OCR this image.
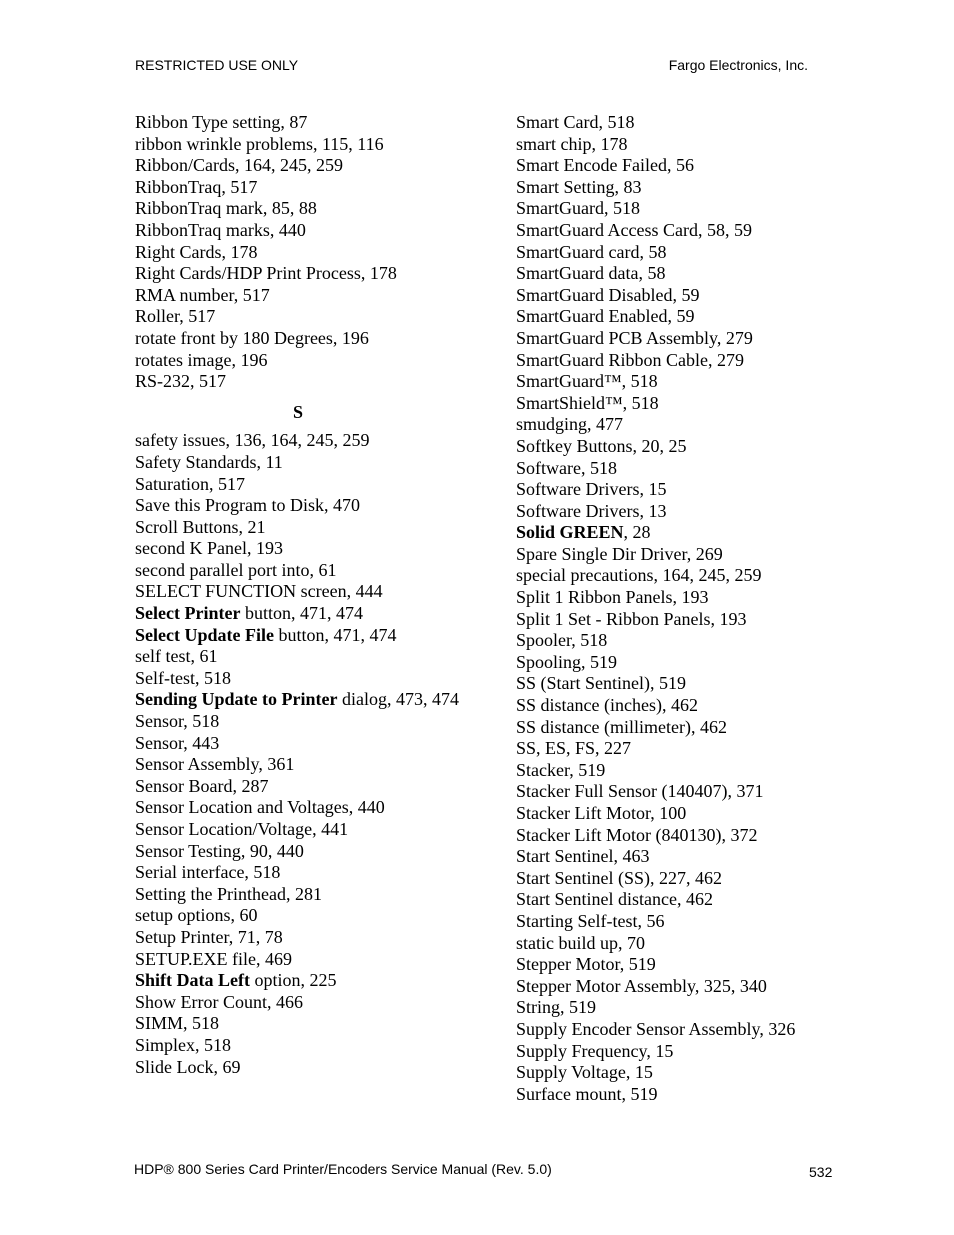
RESTRICTED USE ONLY	Fargo Electronics, Inc.
Ribbon Type setting, 87
ribbon wrinkle problems, 115, 116
Ribbon/Cards, 164, 245, 259
RibbonTraq, 517
RibbonTraq mark, 85, 88
RibbonTraq marks, 440
Right Cards, 178
Right Cards/HDP Print Process, 178
RMA number, 517
Roller, 517
rotate front by 180 Degrees, 196
rotates image, 196
RS-232, 517
S
safety issues, 136, 164, 245, 259
Safety Standards, 11
Saturation, 517
Save this Program to Disk, 470
Scroll Buttons, 21
second K Panel, 193
second parallel port into, 61
SELECT FUNCTION screen, 444
Select Printer button, 471, 474
Select Update File button, 471, 474
self test, 61
Self-test, 518
Sending Update to Printer dialog, 473, 474
Sensor, 518
Sensor, 443
Sensor Assembly, 361
Sensor Board, 287
Sensor Location and Voltages, 440
Sensor Location/Voltage, 441
Sensor Testing, 90, 440
Serial interface, 518
Setting the Printhead, 281
setup options, 60
Setup Printer, 71, 78
SETUP.EXE file, 469
Shift Data Left option, 225
Show Error Count, 466
SIMM, 518
Simplex, 518
Slide Lock, 69
Smart Card, 518
smart chip, 178
Smart Encode Failed, 56
Smart Setting, 83
SmartGuard, 518
SmartGuard Access Card, 58, 59
SmartGuard card, 58
SmartGuard data, 58
SmartGuard Disabled, 59
SmartGuard Enabled, 59
SmartGuard PCB Assembly, 279
SmartGuard Ribbon Cable, 279
SmartGuard™, 518
SmartShield™, 518
smudging, 477
Softkey Buttons, 20, 25
Software, 518
Software Drivers, 15
Software Drivers, 13
Solid GREEN, 28
Spare Single Dir Driver, 269
special precautions, 164, 245, 259
Split 1 Ribbon Panels, 193
Split 1 Set - Ribbon Panels, 193
Spooler, 518
Spooling, 519
SS (Start Sentinel), 519
SS distance (inches), 462
SS distance (millimeter), 462
SS, ES, FS, 227
Stacker, 519
Stacker Full Sensor (140407), 371
Stacker Lift Motor, 100
Stacker Lift Motor (840130), 372
Start Sentinel, 463
Start Sentinel (SS), 227, 462
Start Sentinel distance, 462
Starting Self-test, 56
static build up, 70
Stepper Motor, 519
Stepper Motor Assembly, 325, 340
String, 519
Supply Encoder Sensor Assembly, 326
Supply Frequency, 15
Supply Voltage, 15
Surface mount, 519
HDP® 800 Series Card Printer/Encoders Service Manual (Rev. 5.0)	532
